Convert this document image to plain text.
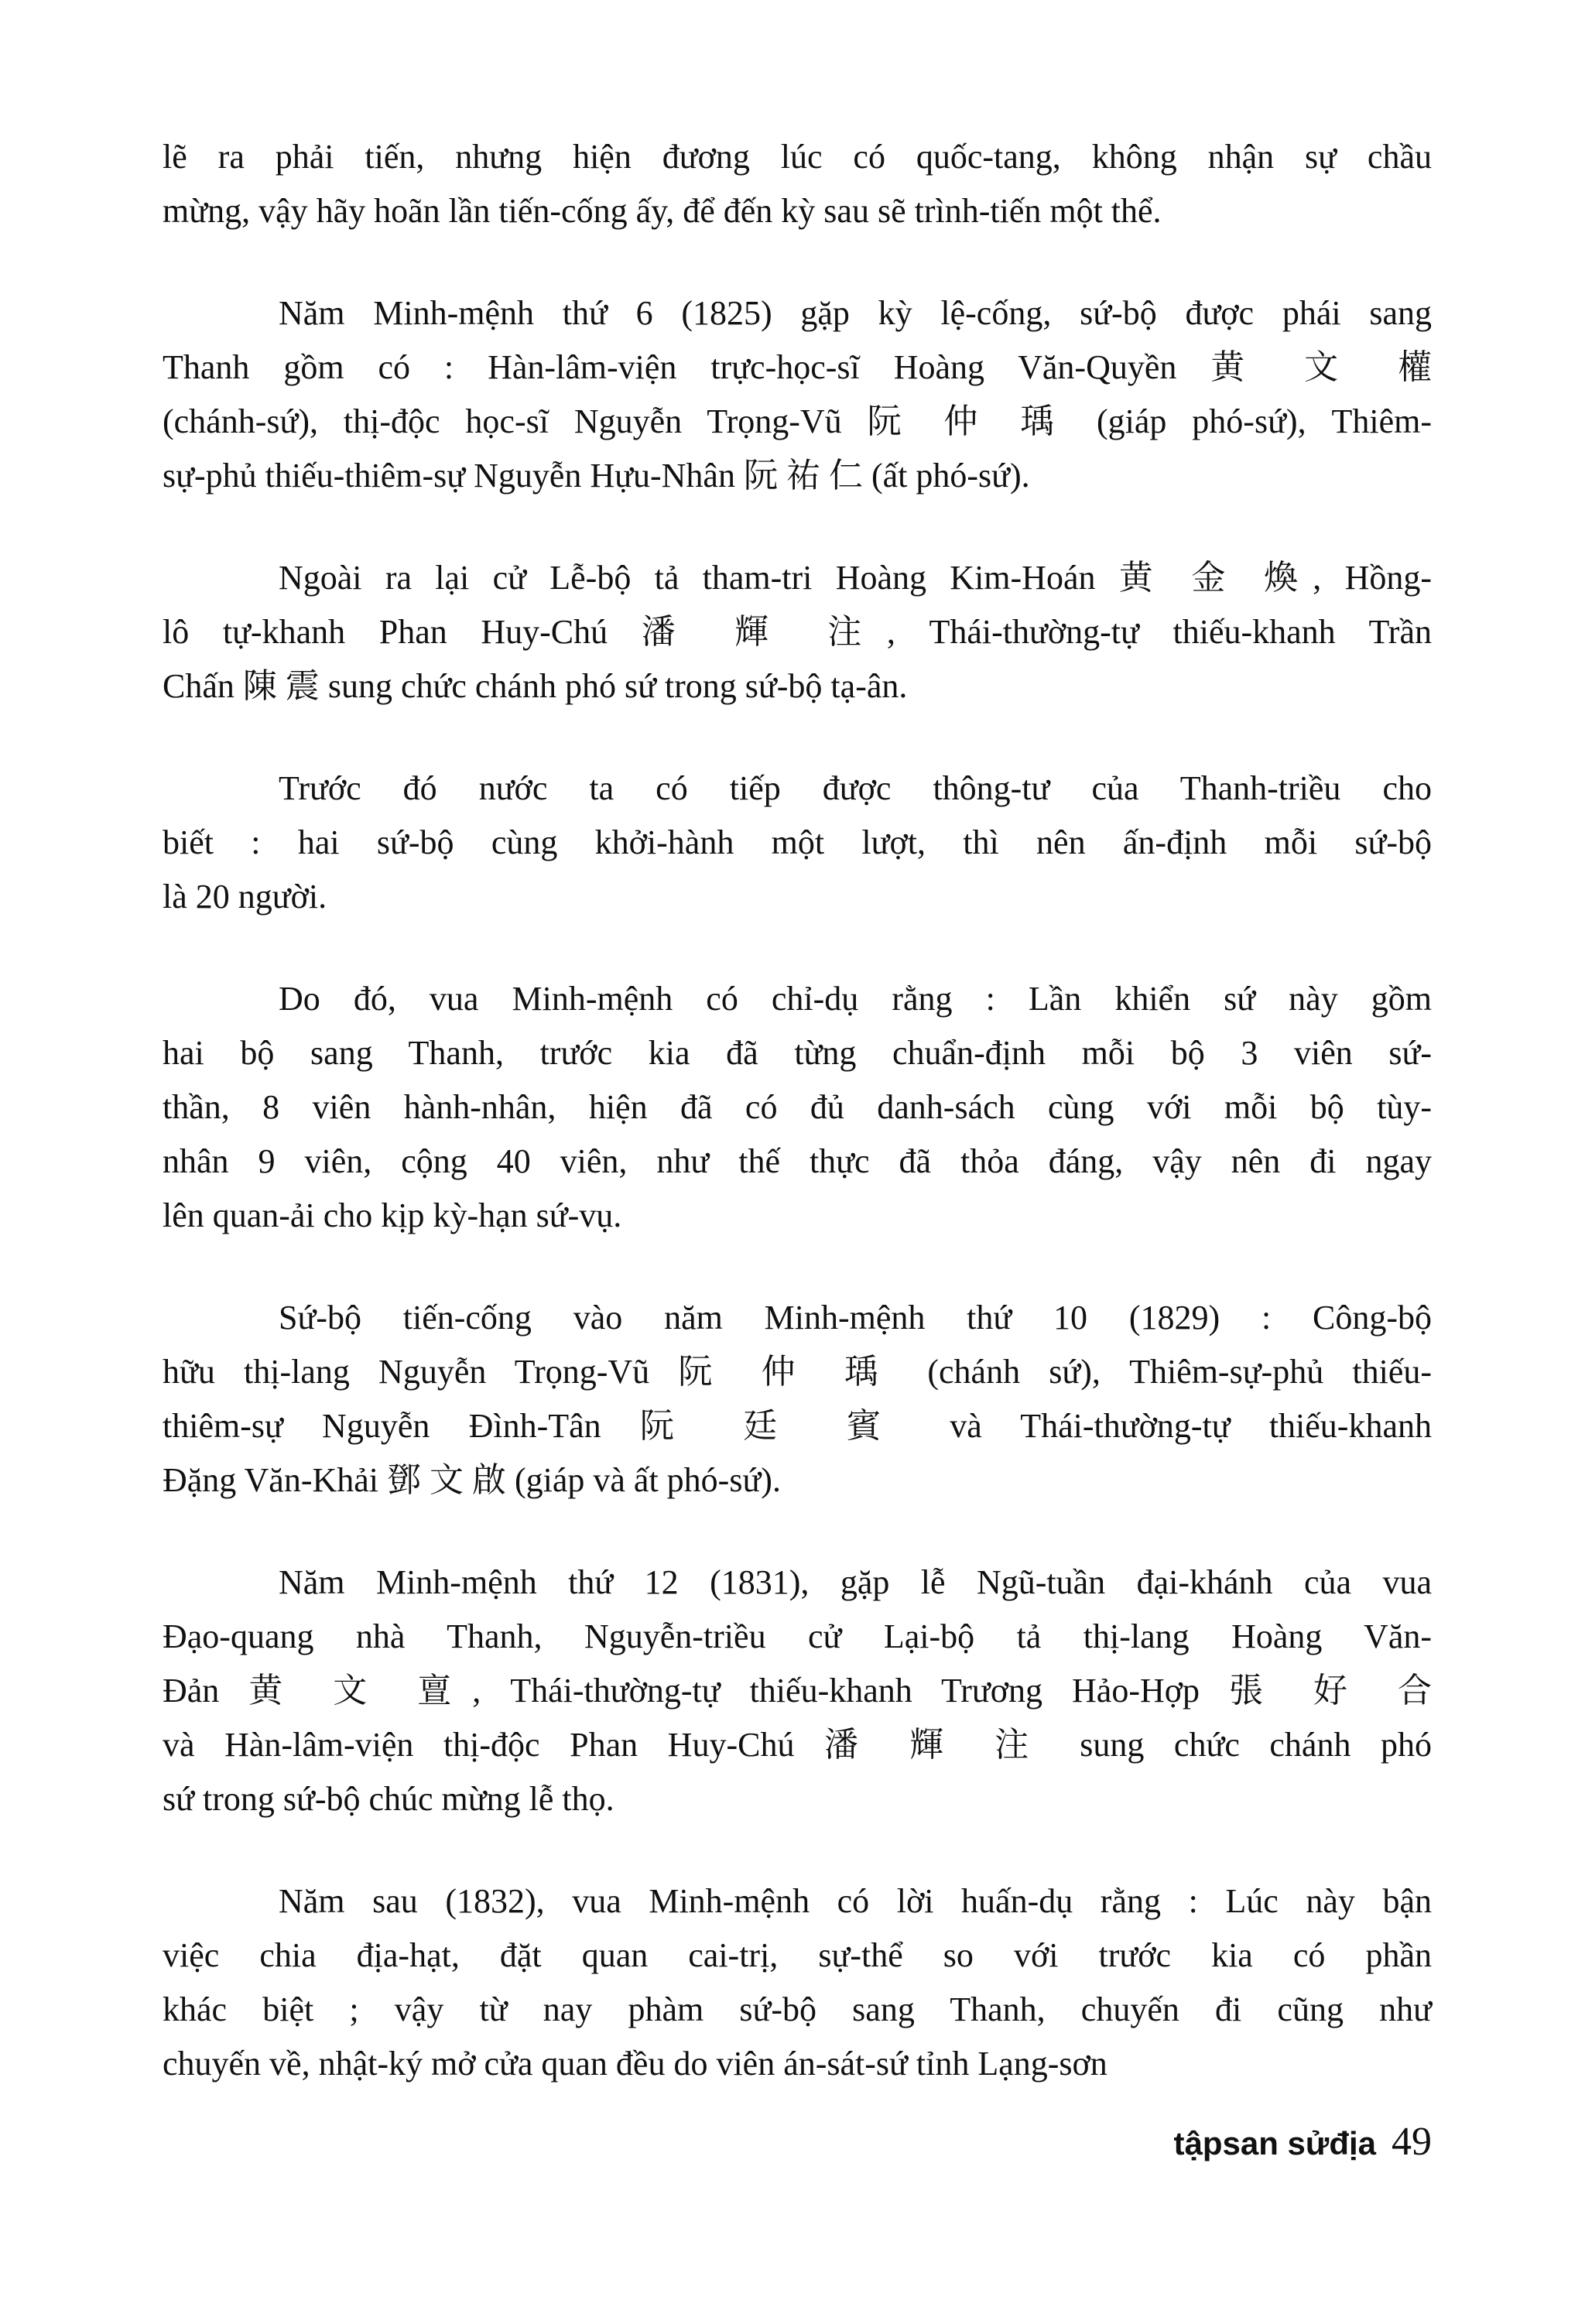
lẽ ra phải tiến, nhưng hiện đương lúc có quốc-tang, không nhận sự chầu
mừng, vậy hãy hoãn lần tiến-cống ấy, để đến kỳ sau sẽ trình-tiến một thể.
Năm Minh-mệnh thứ 6 (1825) gặp kỳ lệ-cống, sứ-bộ được phái sang
Thanh gồm có : Hàn-lâm-viện trực-học-sĩ Hoàng Văn-Quyền 黄 文 權
(chánh-sứ), thị-độc học-sĩ Nguyễn Trọng-Vũ 阮 仲 瑀 (giáp phó-sứ), Thiêm-
sự-phủ thiếu-thiêm-sự Nguyễn Hựu-Nhân 阮 祐 仁 (ất phó-sứ).
Ngoài ra lại cử Lễ-bộ tả tham-tri Hoàng Kim-Hoán 黄 金 煥, Hồng-
lô tự-khanh Phan Huy-Chú 潘 輝 注, Thái-thường-tự thiếu-khanh Trần
Chấn 陳 震 sung chức chánh phó sứ trong sứ-bộ tạ-ân.
Trước đó nước ta có tiếp được thông-tư của Thanh-triều cho
biết : hai sứ-bộ cùng khởi-hành một lượt, thì nên ấn-định mỗi sứ-bộ
là 20 người.
Do đó, vua Minh-mệnh có chỉ-dụ rằng : Lần khiển sứ này gồm
hai bộ sang Thanh, trước kia đã từng chuẩn-định mỗi bộ 3 viên sứ-
thần, 8 viên hành-nhân, hiện đã có đủ danh-sách cùng với mỗi bộ tùy-
nhân 9 viên, cộng 40 viên, như thế thực đã thỏa đáng, vậy nên đi ngay
lên quan-ải cho kịp kỳ-hạn sứ-vụ.
Sứ-bộ tiến-cống vào năm Minh-mệnh thứ 10 (1829) : Công-bộ
hữu thị-lang Nguyễn Trọng-Vũ 阮 仲 瑀 (chánh sứ), Thiêm-sự-phủ thiếu-
thiêm-sự Nguyễn Đình-Tân 阮 廷 賓 và Thái-thường-tự thiếu-khanh
Đặng Văn-Khải 鄧 文 啟 (giáp và ất phó-sứ).
Năm Minh-mệnh thứ 12 (1831), gặp lễ Ngũ-tuần đại-khánh của vua
Đạo-quang nhà Thanh, Nguyễn-triều cử Lại-bộ tả thị-lang Hoàng Văn-
Đản 黄 文 亶, Thái-thường-tự thiếu-khanh Trương Hảo-Hợp 張 好 合
và Hàn-lâm-viện thị-độc Phan Huy-Chú 潘 輝 注 sung chức chánh phó
sứ trong sứ-bộ chúc mừng lễ thọ.
Năm sau (1832), vua Minh-mệnh có lời huấn-dụ rằng : Lúc này bận
việc chia địa-hạt, đặt quan cai-trị, sự-thể so với trước kia có phần
khác biệt ; vậy từ nay phàm sứ-bộ sang Thanh, chuyến đi cũng như
chuyến về, nhật-ký mở cửa quan đều do viên án-sát-sứ tỉnh Lạng-sơn
tậpsan sửđịa 49
